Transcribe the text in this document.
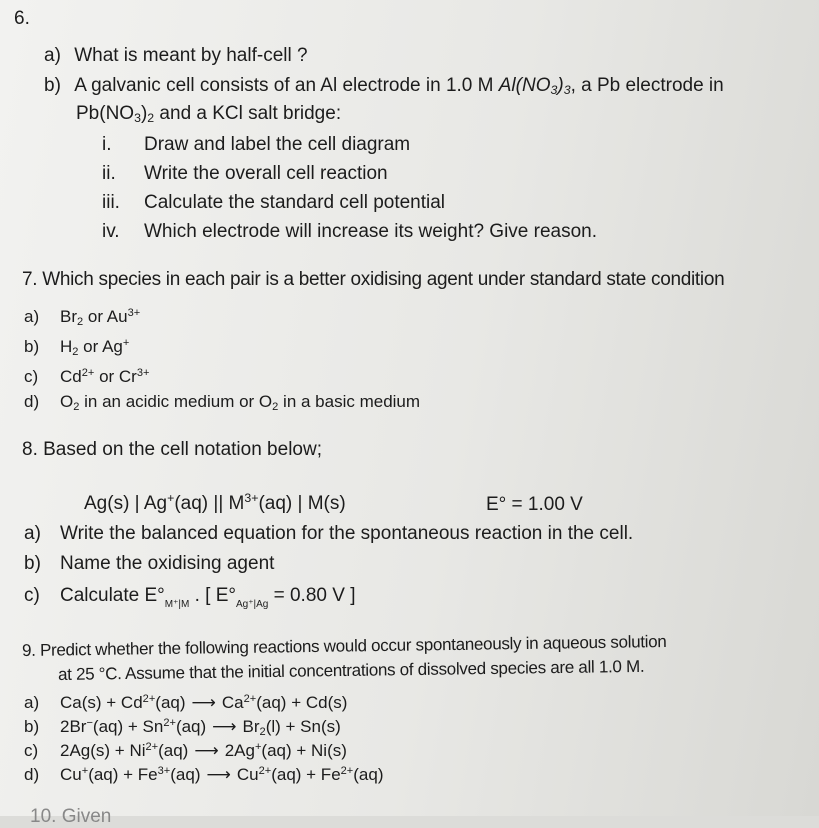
6.
a) What is meant by half-cell ?
b) A galvanic cell consists of an Al electrode in 1.0 M $Al(NO_3)_3$, a Pb electrode in
$Pb(NO_3)_2$ and a KCl salt bridge:
i. Draw and label the cell diagram
ii. Write the overall cell reaction
iii. Calculate the standard cell potential
iv. Which electrode will increase its weight? Give reason.
7. Which species in each pair is a better oxidising agent under standard state condition
a) $Br_2$ or $Au^{3+}$
b) $H_2$ or Ag+
c) $Cd^{2+}$ or $Cr^{3+}$
d) $O_2$ in an acidic medium or $O_2$ in a basic medium
8. Based on the cell notation below;
Ag(s) | Ag+(aq) || $M^{3+}(aq)$ | M(s)	E° = 1.00 V
a) Write the balanced equation for the spontaneous reaction in the cell.
b) Name the oxidising agent
c) Calculate $E^\circ_{M^+|M}$ . [ $E^\circ_{Ag^+|Ag} = 0.80$ V ]
9. Predict whether the following reactions would occur spontaneously in aqueous solution
at 25 °C. Assume that the initial concentrations of dissolved species are all 1.0 M.
a) $Ca(s) + Cd^{2+}(aq)$ ⟶ $Ca^{2+}(aq) + Cd(s)$
b) $2Br^-(aq) + Sn^{2+}(aq)$ ⟶ $Br_2(l) + Sn(s)$
c) $2Ag(s) + Ni^{2+}(aq)$ ⟶ 2Ag+(aq) + Ni(s)
d) $Cu^+(aq) + Fe^{3+}(aq)$ ⟶ $Cu^{2+}(aq) + Fe^{2+}(aq)$
10. Given
